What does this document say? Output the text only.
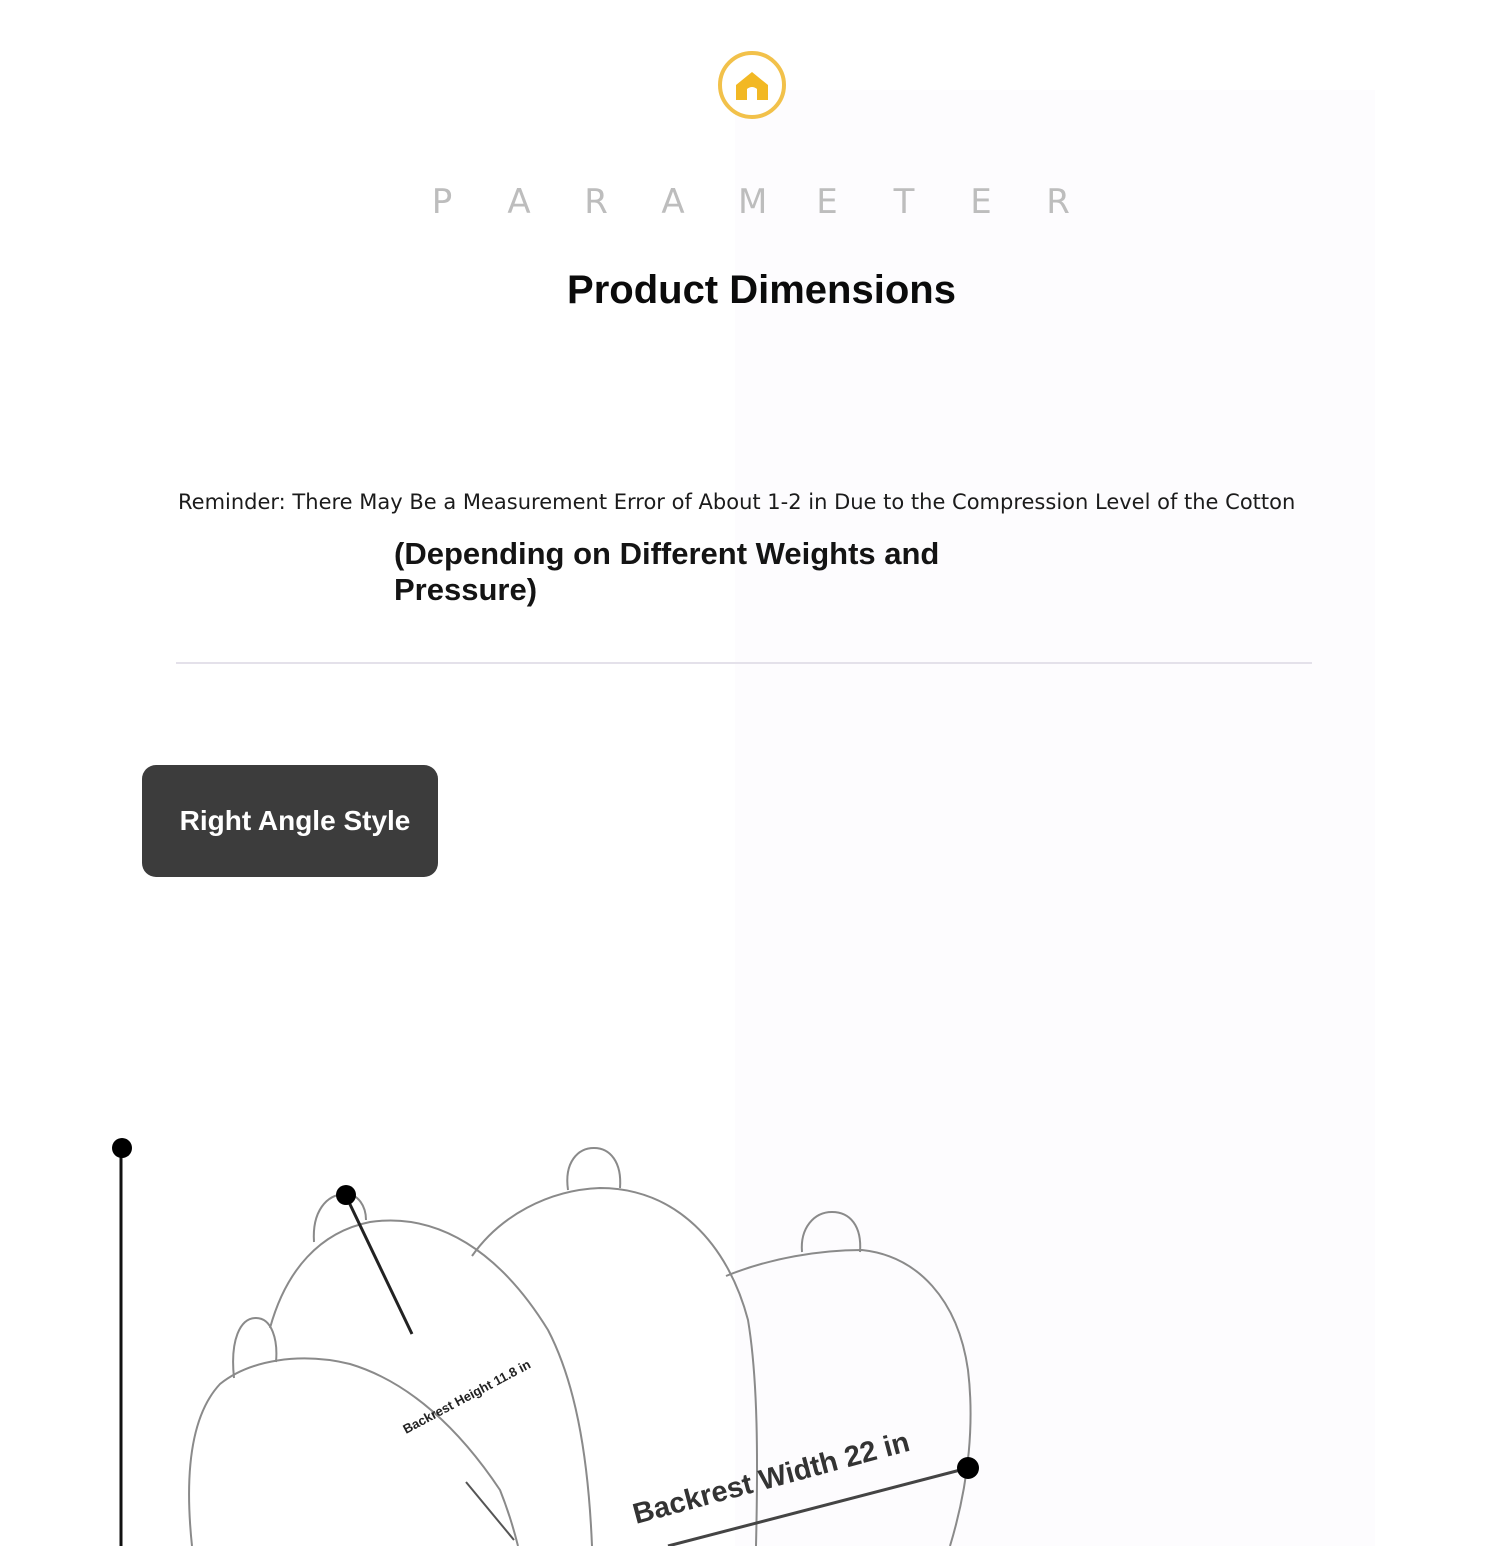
P A R A M E T E R
Product Dimensions
Reminder: There May Be a Measurement Error of About 1-2 in Due to the Compression Level of the Cotton
(Depending on Different Weights and Pressure)
Right Angle Style
Backrest Height 11.8 in
Backrest Width 22 in
